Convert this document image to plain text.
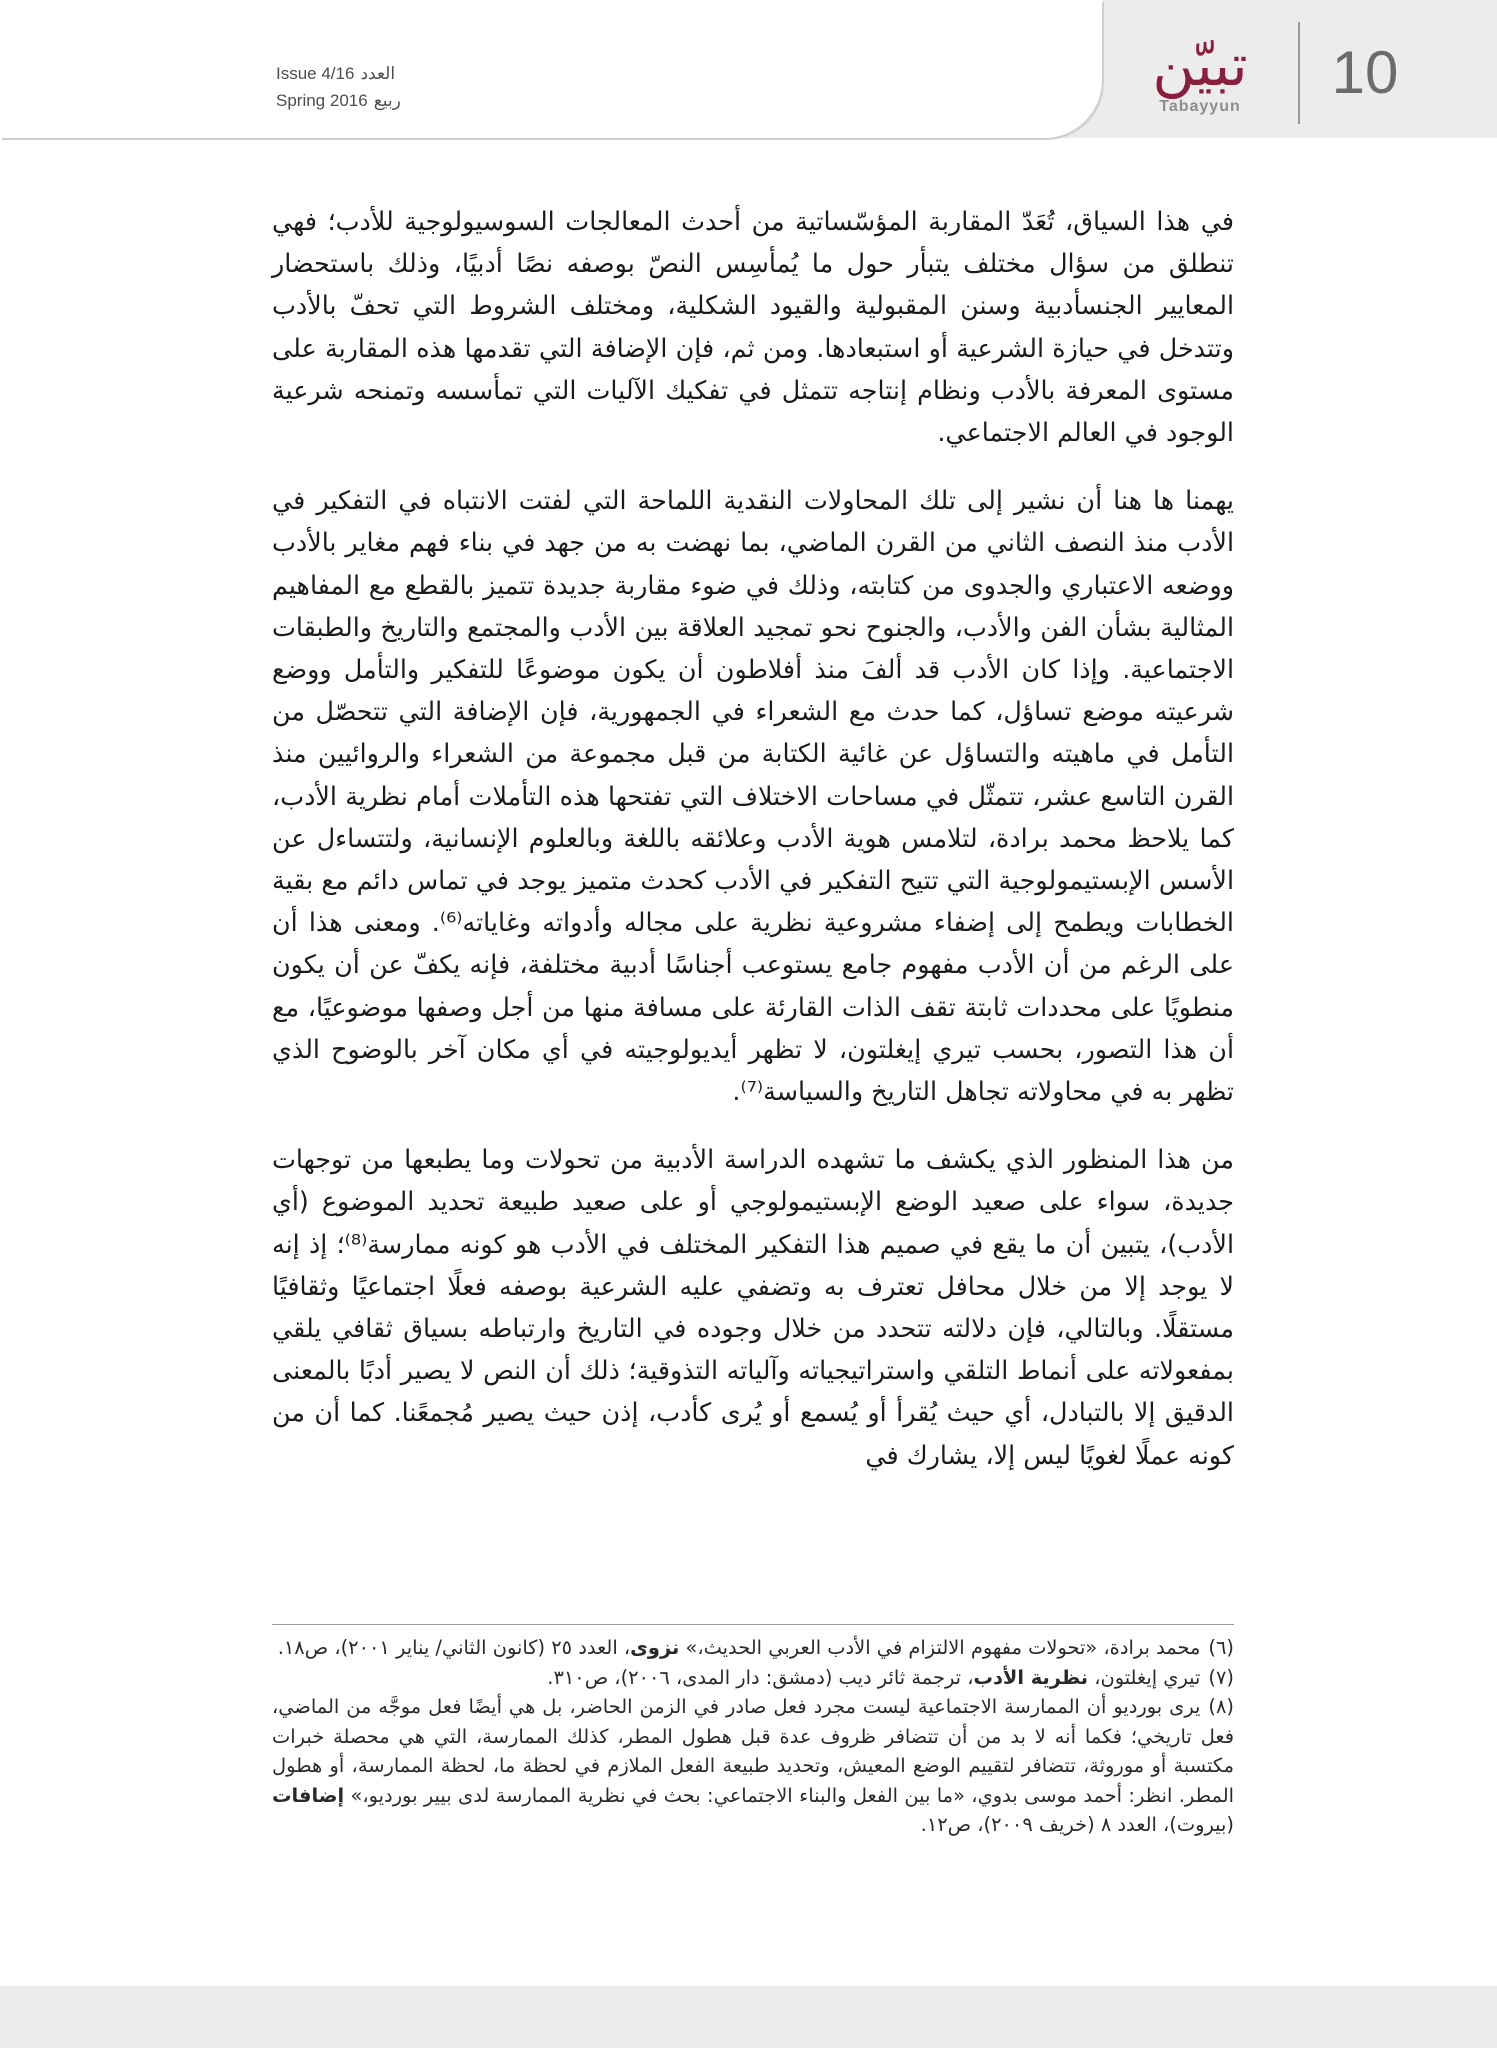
Issue 4/16 العدد
Spring 2016 ربيع
تبيّن
Tabayyun
10

في هذا السياق، تُعَدّ المقاربة المؤسّساتية من أحدث المعالجات السوسيولوجية للأدب؛ فهي تنطلق من سؤال مختلف يتبأر حول ما يُمأسِس النصّ بوصفه نصًا أدبيًا، وذلك باستحضار المعايير الجنسأدبية وسنن المقبولية والقيود الشكلية، ومختلف الشروط التي تحفّ بالأدب وتتدخل في حيازة الشرعية أو استبعادها. ومن ثم، فإن الإضافة التي تقدمها هذه المقاربة على مستوى المعرفة بالأدب ونظام إنتاجه تتمثل في تفكيك الآليات التي تمأسسه وتمنحه شرعية الوجود في العالم الاجتماعي.

يهمنا ها هنا أن نشير إلى تلك المحاولات النقدية اللماحة التي لفتت الانتباه في التفكير في الأدب منذ النصف الثاني من القرن الماضي، بما نهضت به من جهد في بناء فهم مغاير بالأدب ووضعه الاعتباري والجدوى من كتابته، وذلك في ضوء مقاربة جديدة تتميز بالقطع مع المفاهيم المثالية بشأن الفن والأدب، والجنوح نحو تمجيد العلاقة بين الأدب والمجتمع والتاريخ والطبقات الاجتماعية. وإذا كان الأدب قد ألفَ منذ أفلاطون أن يكون موضوعًا للتفكير والتأمل ووضع شرعيته موضع تساؤل، كما حدث مع الشعراء في الجمهورية، فإن الإضافة التي تتحصّل من التأمل في ماهيته والتساؤل عن غائية الكتابة من قبل مجموعة من الشعراء والروائيين منذ القرن التاسع عشر، تتمثّل في مساحات الاختلاف التي تفتحها هذه التأملات أمام نظرية الأدب، كما يلاحظ محمد برادة، لتلامس هوية الأدب وعلائقه باللغة وبالعلوم الإنسانية، ولتتساءل عن الأسس الإبستيمولوجية التي تتيح التفكير في الأدب كحدث متميز يوجد في تماس دائم مع بقية الخطابات ويطمح إلى إضفاء مشروعية نظرية على مجاله وأدواته وغاياته⁽⁶⁾. ومعنى هذا أن على الرغم من أن الأدب مفهوم جامع يستوعب أجناسًا أدبية مختلفة، فإنه يكفّ عن أن يكون منطويًا على محددات ثابتة تقف الذات القارئة على مسافة منها من أجل وصفها موضوعيًا، مع أن هذا التصور، بحسب تيري إيغلتون، لا تظهر أيديولوجيته في أي مكان آخر بالوضوح الذي تظهر به في محاولاته تجاهل التاريخ والسياسة⁽⁷⁾.

من هذا المنظور الذي يكشف ما تشهده الدراسة الأدبية من تحولات وما يطبعها من توجهات جديدة، سواء على صعيد الوضع الإبستيمولوجي أو على صعيد طبيعة تحديد الموضوع (أي الأدب)، يتبين أن ما يقع في صميم هذا التفكير المختلف في الأدب هو كونه ممارسة⁽⁸⁾؛ إذ إنه لا يوجد إلا من خلال محافل تعترف به وتضفي عليه الشرعية بوصفه فعلًا اجتماعيًا وثقافيًا مستقلًا. وبالتالي، فإن دلالته تتحدد من خلال وجوده في التاريخ وارتباطه بسياق ثقافي يلقي بمفعولاته على أنماط التلقي واستراتيجياته وآلياته التذوقية؛ ذلك أن النص لا يصير أدبًا بالمعنى الدقيق إلا بالتبادل، أي حيث يُقرأ أو يُسمع أو يُرى كأدب، إذن حيث يصير مُجمعًنا. كما أن من كونه عملًا لغويًا ليس إلا، يشارك في

(٦)محمد برادة، «تحولات مفهوم الالتزام في الأدب العربي الحديث،» نزوى، العدد ٢٥ (كانون الثاني/ يناير ٢٠٠١)، ص١٨.

(٧)تيري إيغلتون، نظرية الأدب، ترجمة ثائر ديب (دمشق: دار المدى، ٢٠٠٦)، ص٣١٠.

(٨)يرى بورديو أن الممارسة الاجتماعية ليست مجرد فعل صادر في الزمن الحاضر، بل هي أيضًا فعل موجَّه من الماضي، فعل تاريخي؛ فكما أنه لا بد من أن تتضافر ظروف عدة قبل هطول المطر، كذلك الممارسة، التي هي محصلة خبرات مكتسبة أو موروثة، تتضافر لتقييم الوضع المعيش، وتحديد طبيعة الفعل الملازم في لحظة ما، لحظة الممارسة، أو هطول المطر. انظر: أحمد موسى بدوي، «ما بين الفعل والبناء الاجتماعي: بحث في نظرية الممارسة لدى بيير بورديو،» إضافات (بيروت)، العدد ٨ (خريف ٢٠٠٩)، ص١٢.
